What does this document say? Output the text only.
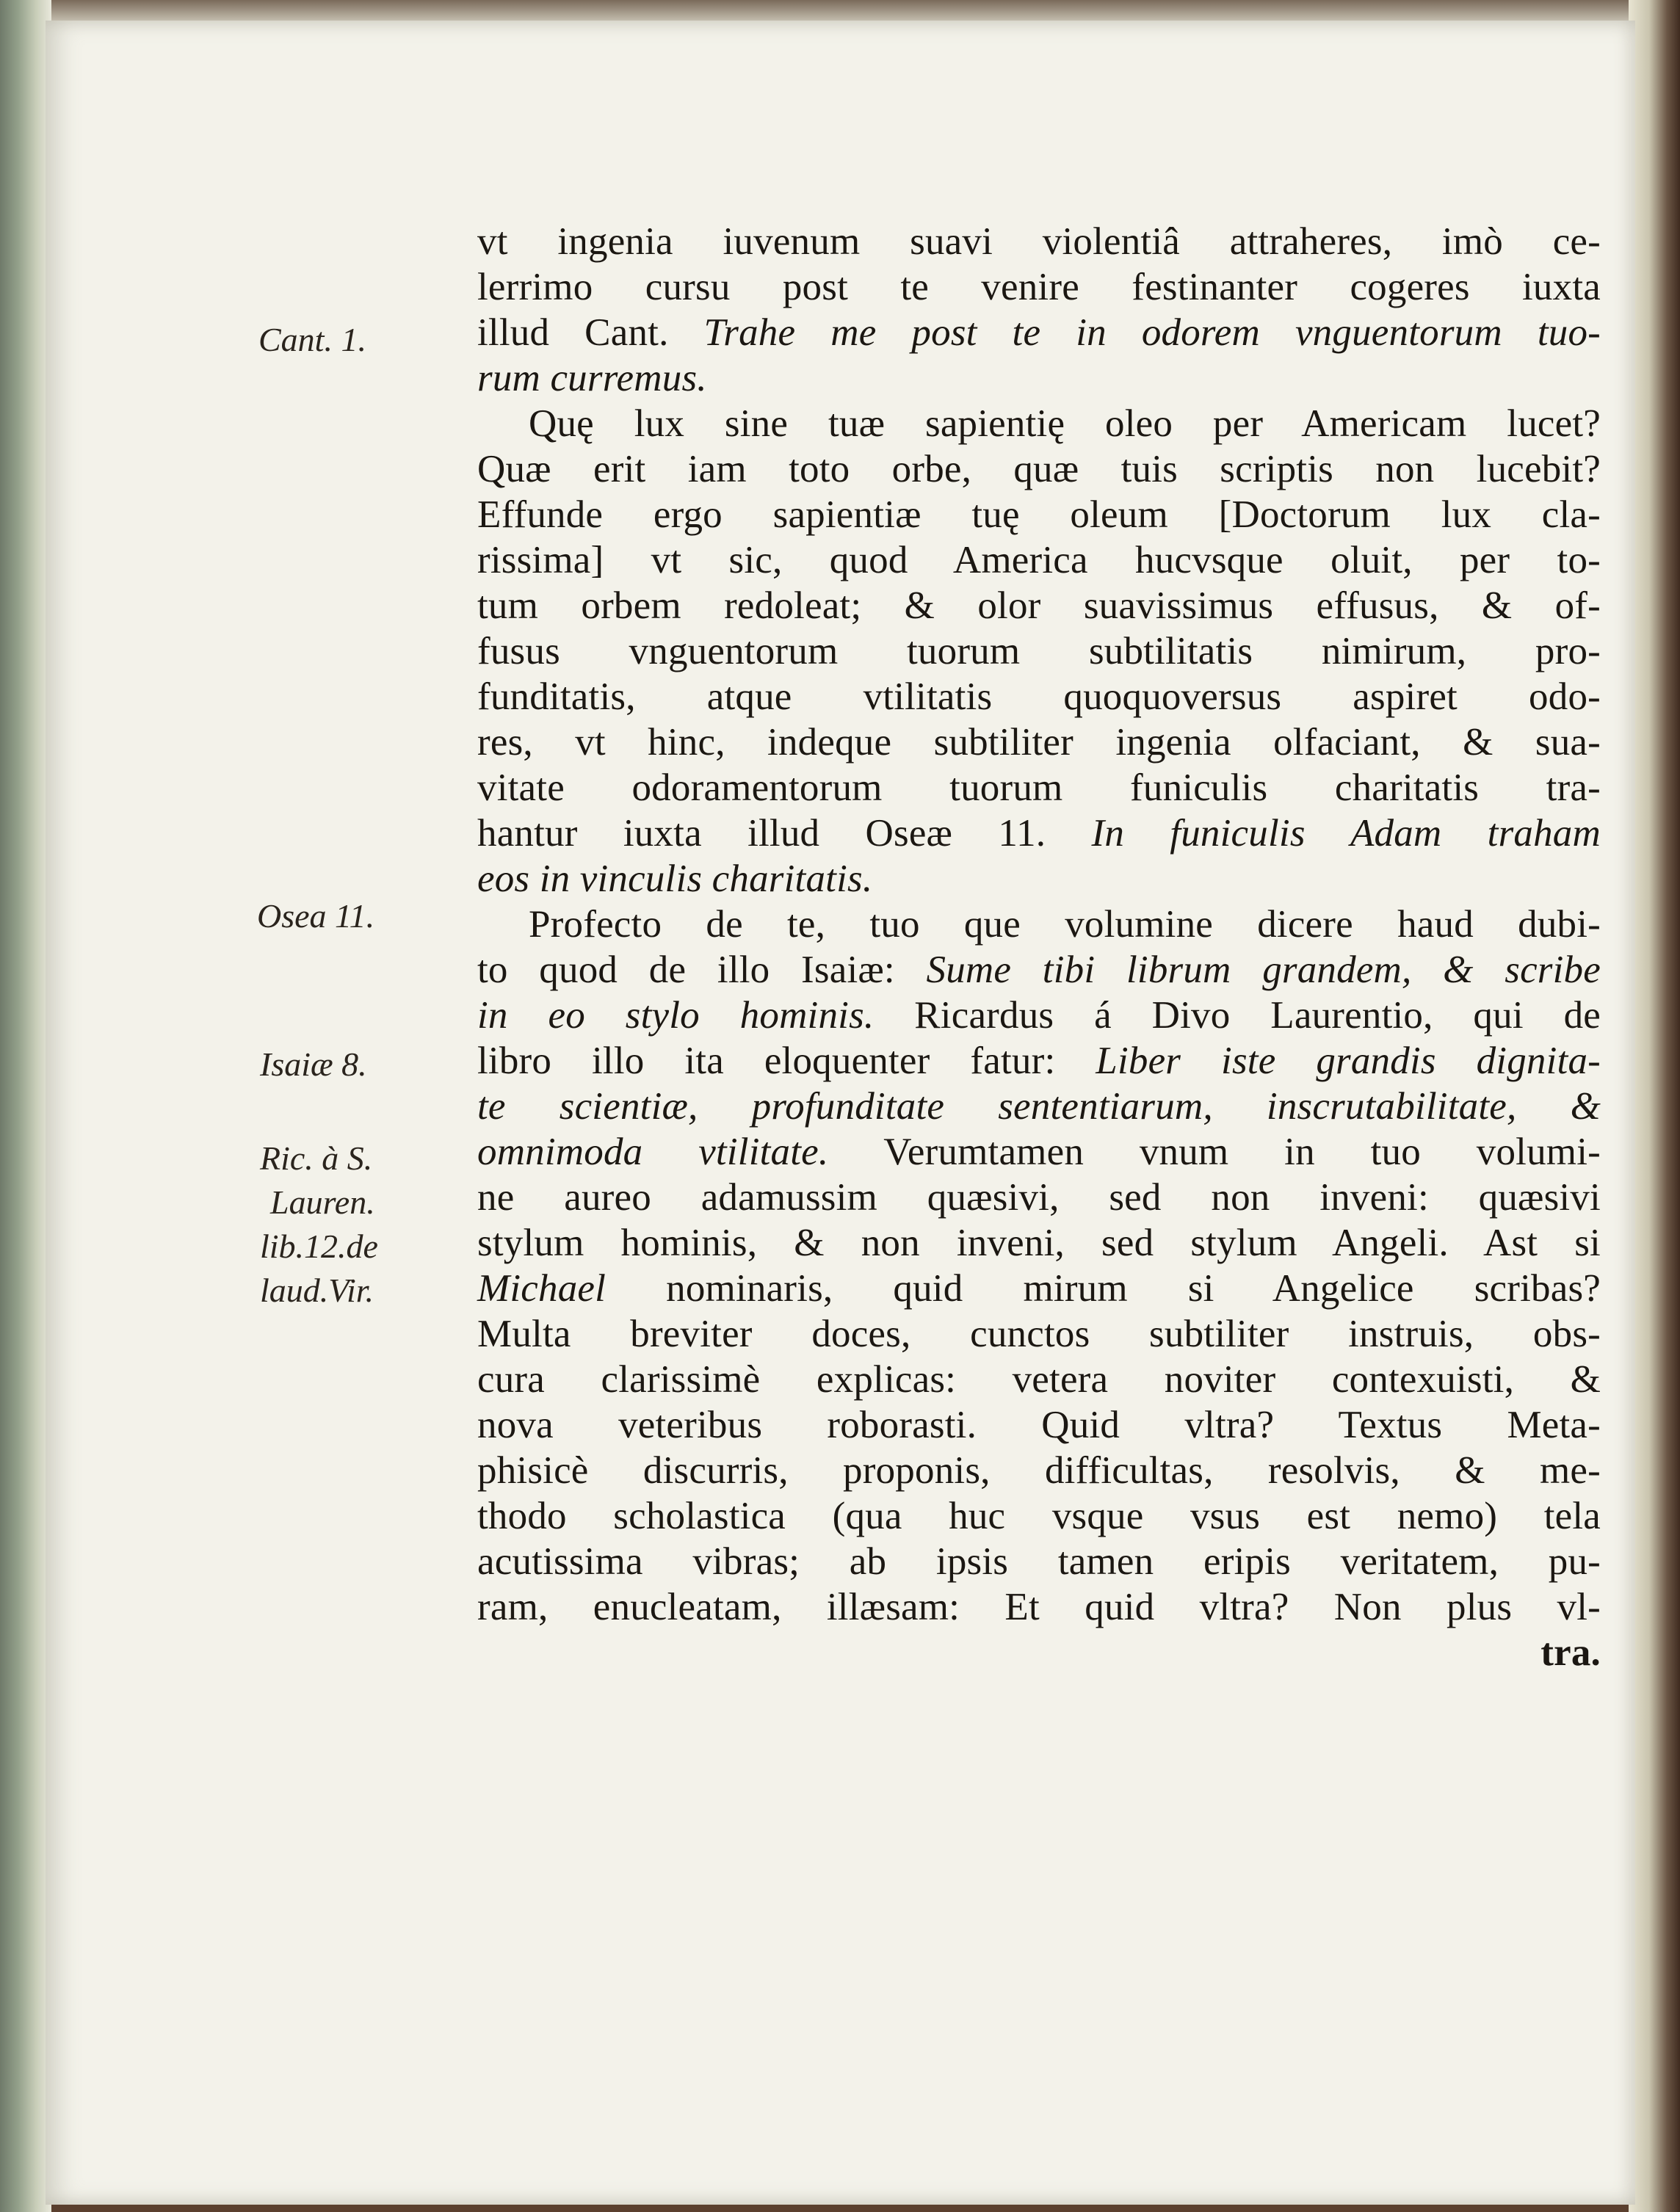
Cant. 1.
Osea 11.
Isaiæ 8.
Ric. à S.
Lauren.
lib.12.de
laud.Vir.
vt ingenia iuvenum suavi violentiâ attraheres, imò ce-
lerrimo cursu post te venire festinanter cogeres iuxta
illud Cant. Trahe me post te in odorem vnguentorum tuo-
rum curremus.
Quę lux sine tuæ sapientię oleo per Americam lucet?
Quæ erit iam toto orbe, quæ tuis scriptis non lucebit?
Effunde ergo sapientiæ tuę oleum [Doctorum lux cla-
rissima] vt sic, quod America hucvsque oluit, per to-
tum orbem redoleat; & olor suavissimus effusus, & of-
fusus vnguentorum tuorum subtilitatis nimirum, pro-
funditatis, atque vtilitatis quoquoversus aspiret odo-
res, vt hinc, indeque subtiliter ingenia olfaciant, & sua-
vitate odoramentorum tuorum funiculis charitatis tra-
hantur iuxta illud Oseæ 11. In funiculis Adam traham
eos in vinculis charitatis.
Profecto de te, tuo que volumine dicere haud dubi-
to quod de illo Isaiæ: Sume tibi librum grandem, & scribe
in eo stylo hominis. Ricardus á Divo Laurentio, qui de
libro illo ita eloquenter fatur: Liber iste grandis dignita-
te scientiæ, profunditate sententiarum, inscrutabilitate, &
omnimoda vtilitate. Verumtamen vnum in tuo volumi-
ne aureo adamussim quæsivi, sed non inveni: quæsivi
stylum hominis, & non inveni, sed stylum Angeli. Ast si
Michael nominaris, quid mirum si Angelice scribas?
Multa breviter doces, cunctos subtiliter instruis, obs-
cura clarissimè explicas: vetera noviter contexuisti, &
nova veteribus roborasti. Quid vltra? Textus Meta-
phisicè discurris, proponis, difficultas, resolvis, & me-
thodo scholastica (qua huc vsque vsus est nemo) tela
acutissima vibras; ab ipsis tamen eripis veritatem, pu-
ram, enucleatam, illæsam: Et quid vltra? Non plus vl-
tra.
